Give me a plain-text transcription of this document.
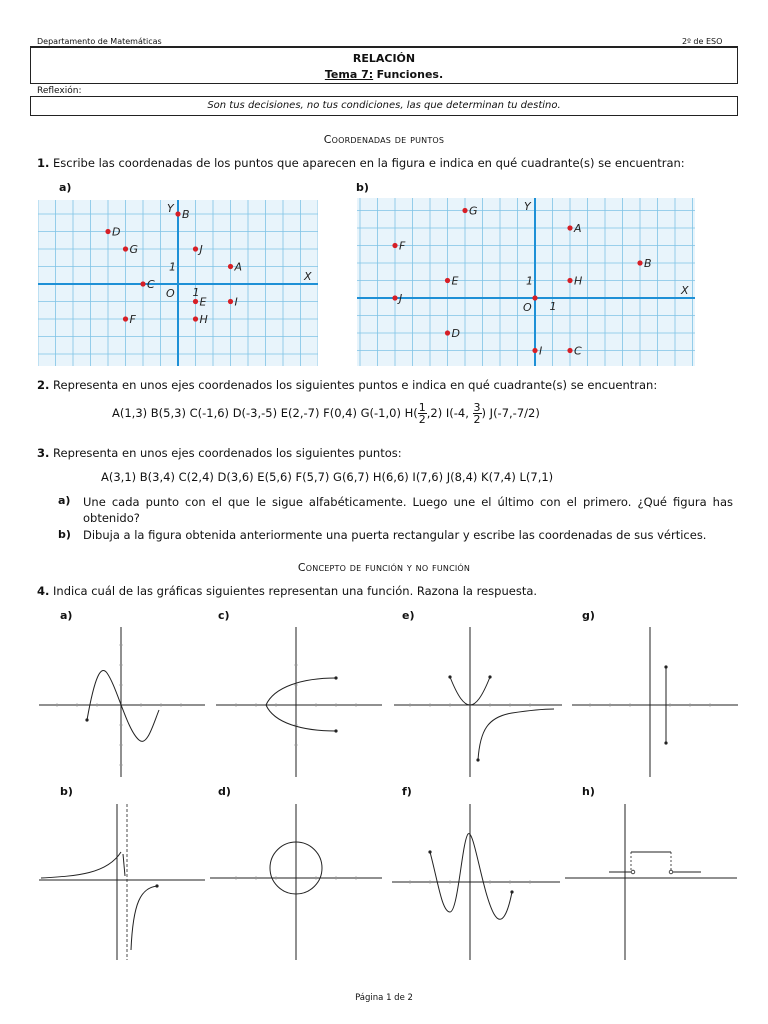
Departamento de Matemáticas	2º de ESO
RELACIÓN
Tema 7: Funciones.
Reflexión:
Son tus decisiones, no tus condiciones, las que determinan tu destino.
Coordenadas de puntos
1. Escribe las coordenadas de los puntos que aparecen en la figura e indica en qué cuadrante(s) se encuentran:
a)	b)
Y
X
O 1
1
B
D
G	J
A
C
I
E
H
F
Y
X
O 1
1
G
A
F
B
E	H
J
D
I	C
2. Representa en unos ejes coordenados los siguientes puntos e indica en qué cuadrante(s) se encuentran:
A(1,3) B(5,3) C(-1,6) D(-3,-5) E(2,-7) F(0,4) G(-1,0) $H( \frac{1}{2} ,2)$ I(-4, $\frac{3}{2}$ ) J(-7,-7/2)
3. Representa en unos ejes coordenados los siguientes puntos:
A(3,1) B(3,4) C(2,4) D(3,6) E(5,6) F(5,7) G(6,7) H(6,6) I(7,6) J(8,4) K(7,4) L(7,1)
a) Une cada punto con el que le sigue alfabéticamente. Luego une el último con el primero. ¿Qué figura has obtenido?
b) Dibuja a la figura obtenida anteriormente una puerta rectangular y escribe las coordenadas de sus vértices.
Concepto de función y no función
4. Indica cuál de las gráficas siguientes representan una función. Razona la respuesta.
a)	c)	e)	g)
b)	d)	f)	h)
Página 1 de 2
